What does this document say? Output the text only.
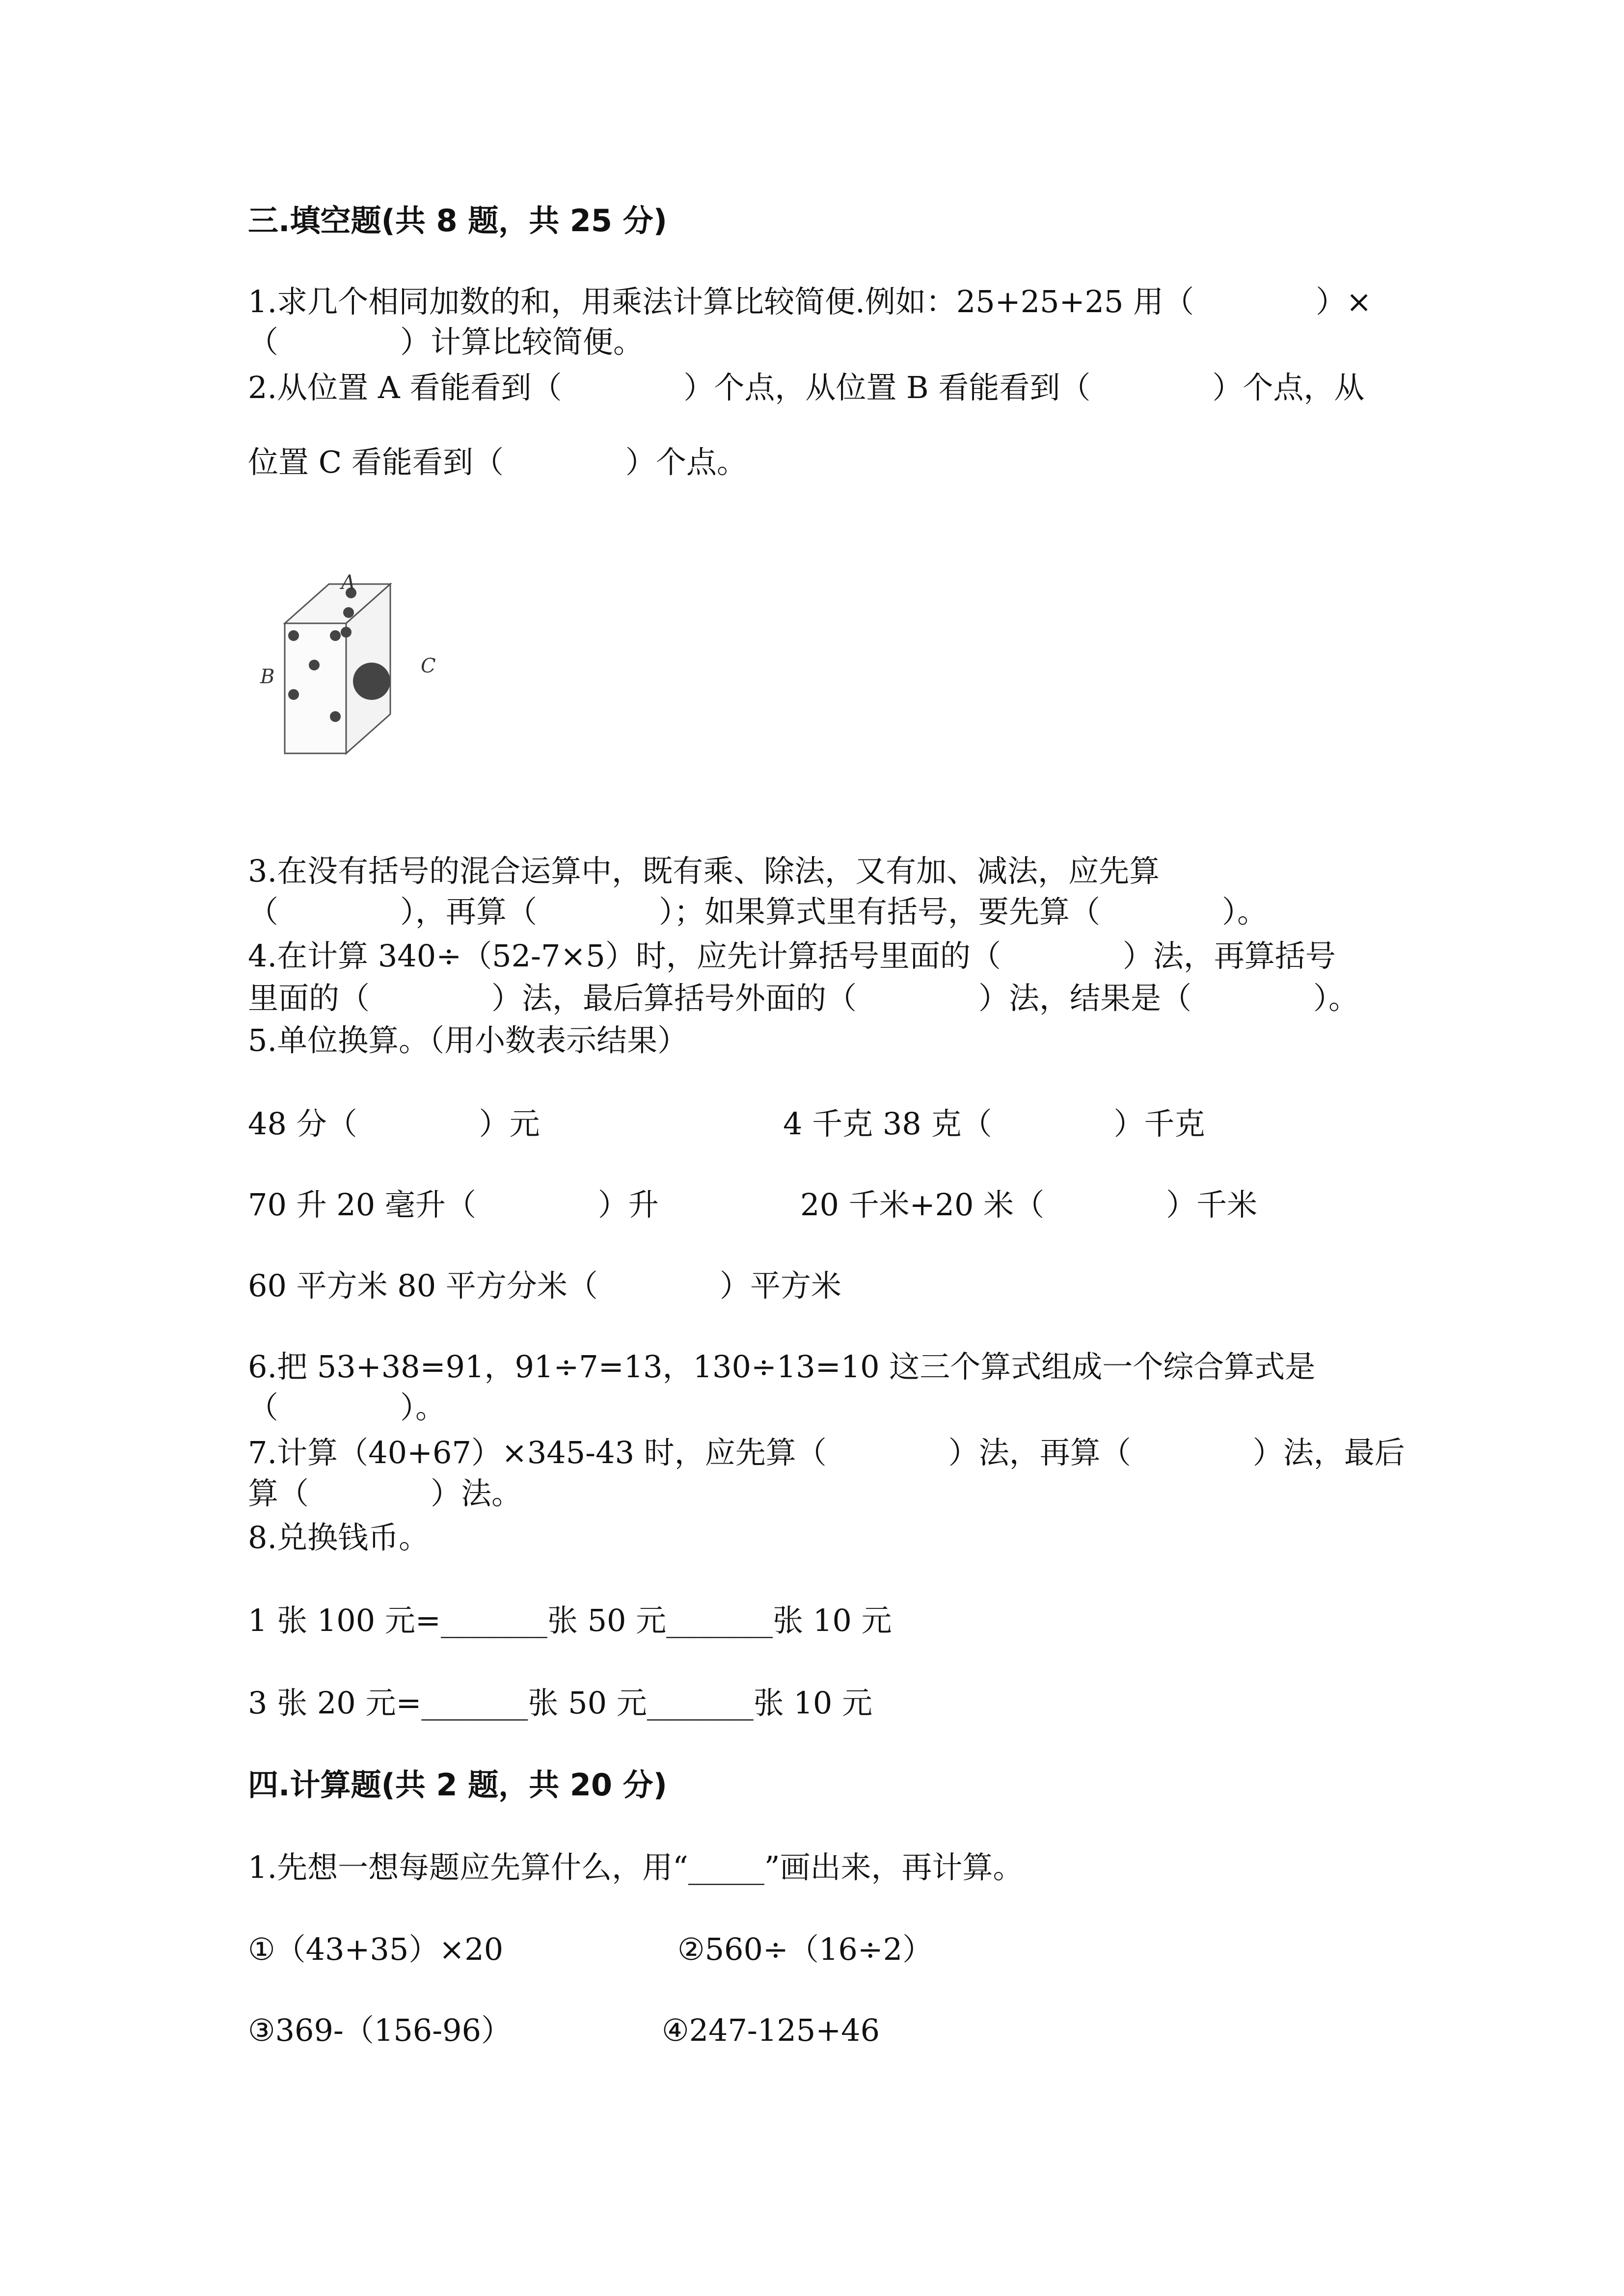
三.填空题(共 8 题，共 25 分)
1.求几个相同加数的和，用乘法计算比较简便.例如：25+25+25 用（　　　　）×
（　　　　）计算比较简便。
2.从位置 A 看能看到（　　　　）个点，从位置 B 看能看到（　　　　）个点，从
位置 C 看能看到（　　　　）个点。
A
B	C
3.在没有括号的混合运算中，既有乘、除法，又有加、减法，应先算
（　　　　），再算（　　　　）；如果算式里有括号，要先算（　　　　）。
4.在计算 340÷（52-7×5）时，应先计算括号里面的（　　　　）法，再算括号
里面的（　　　　）法，最后算括号外面的（　　　　）法，结果是（　　　　）。
5.单位换算。（用小数表示结果）
48 分（　　　　）元	4 千克 38 克（　　　　）千克
70 升 20 毫升（　　　　）升	20 千米+20 米（　　　　）千米
60 平方米 80 平方分米（　　　　）平方米
6.把 53+38=91，91÷7=13，130÷13=10 这三个算式组成一个综合算式是
（　　　　）。
7.计算（40+67）×345-43 时，应先算（　　　　）法，再算（　　　　）法，最后
算（　　　　）法。
8.兑换钱币。
1 张 100 元=_______张 50 元_______张 10 元
3 张 20 元=_______张 50 元_______张 10 元
四.计算题(共 2 题，共 20 分)
1.先想一想每题应先算什么，用“_____”画出来，再计算。
①（43+35）×20	②560÷（16÷2）
③369-（156-96）	④247-125+46
